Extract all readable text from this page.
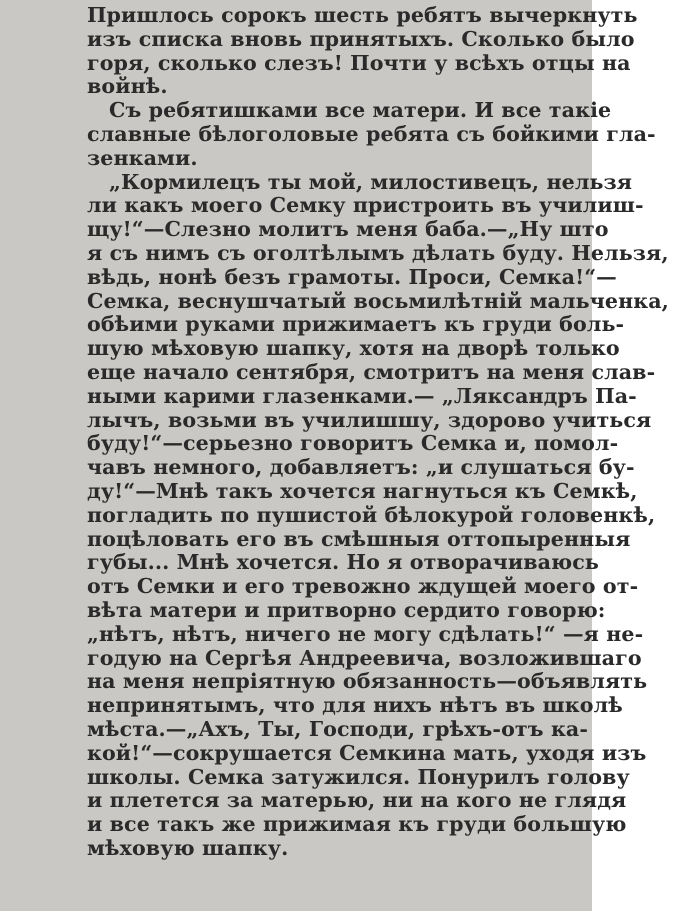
Пришлось сорокъ шесть ребятъ вычеркнуть
изъ списка вновь принятыхъ. Сколько было
горя, сколько слезъ! Почти у всѣхъ отцы на
войнѣ.
Съ ребятишками все матери. И все такіе
славные бѣлоголовые ребята съ бойкими гла-
зенками.
„Кормилецъ ты мой, милостивецъ, нельзя
ли какъ моего Семку пристроить въ училиш-
щу!“—Слезно молитъ меня баба.—„Ну што
я съ нимъ съ оголтѣлымъ дѣлать буду. Нельзя,
вѣдь, нонѣ безъ грамоты. Проси, Семка!“—
Семка, веснушчатый восьмилѣтній мальченка,
обѣими руками прижимаетъ къ груди боль-
шую мѣховую шапку, хотя на дворѣ только
еще начало сентября, смотритъ на меня слав-
ными карими глазенками.— „Ляксандръ Па-
лычъ, возьми въ училишшу, здорово учиться
буду!“—серьезно говоритъ Семка и, помол-
чавъ немного, добавляетъ: „и слушаться бу-
ду!“—Мнѣ такъ хочется нагнуться къ Семкѣ,
погладить по пушистой бѣлокурой головенкѣ,
поцѣловать его въ смѣшныя оттопыренныя
губы... Мнѣ хочется. Но я отворачиваюсь
отъ Семки и его тревожно ждущей моего от-
вѣта матери и притворно сердито говорю:
„нѣтъ, нѣтъ, ничего не могу сдѣлать!“ —я не-
годую на Сергѣя Андреевича, возложившаго
на меня непріятную обязанность—объявлять
непринятымъ, что для нихъ нѣтъ въ школѣ
мѣста.—„Ахъ, Ты, Господи, грѣхъ-отъ ка-
кой!“—сокрушается Семкина мать, уходя изъ
школы. Семка затужился. Понурилъ голову
и плетется за матерью, ни на кого не глядя
и все такъ же прижимая къ груди большую
мѣховую шапку.
